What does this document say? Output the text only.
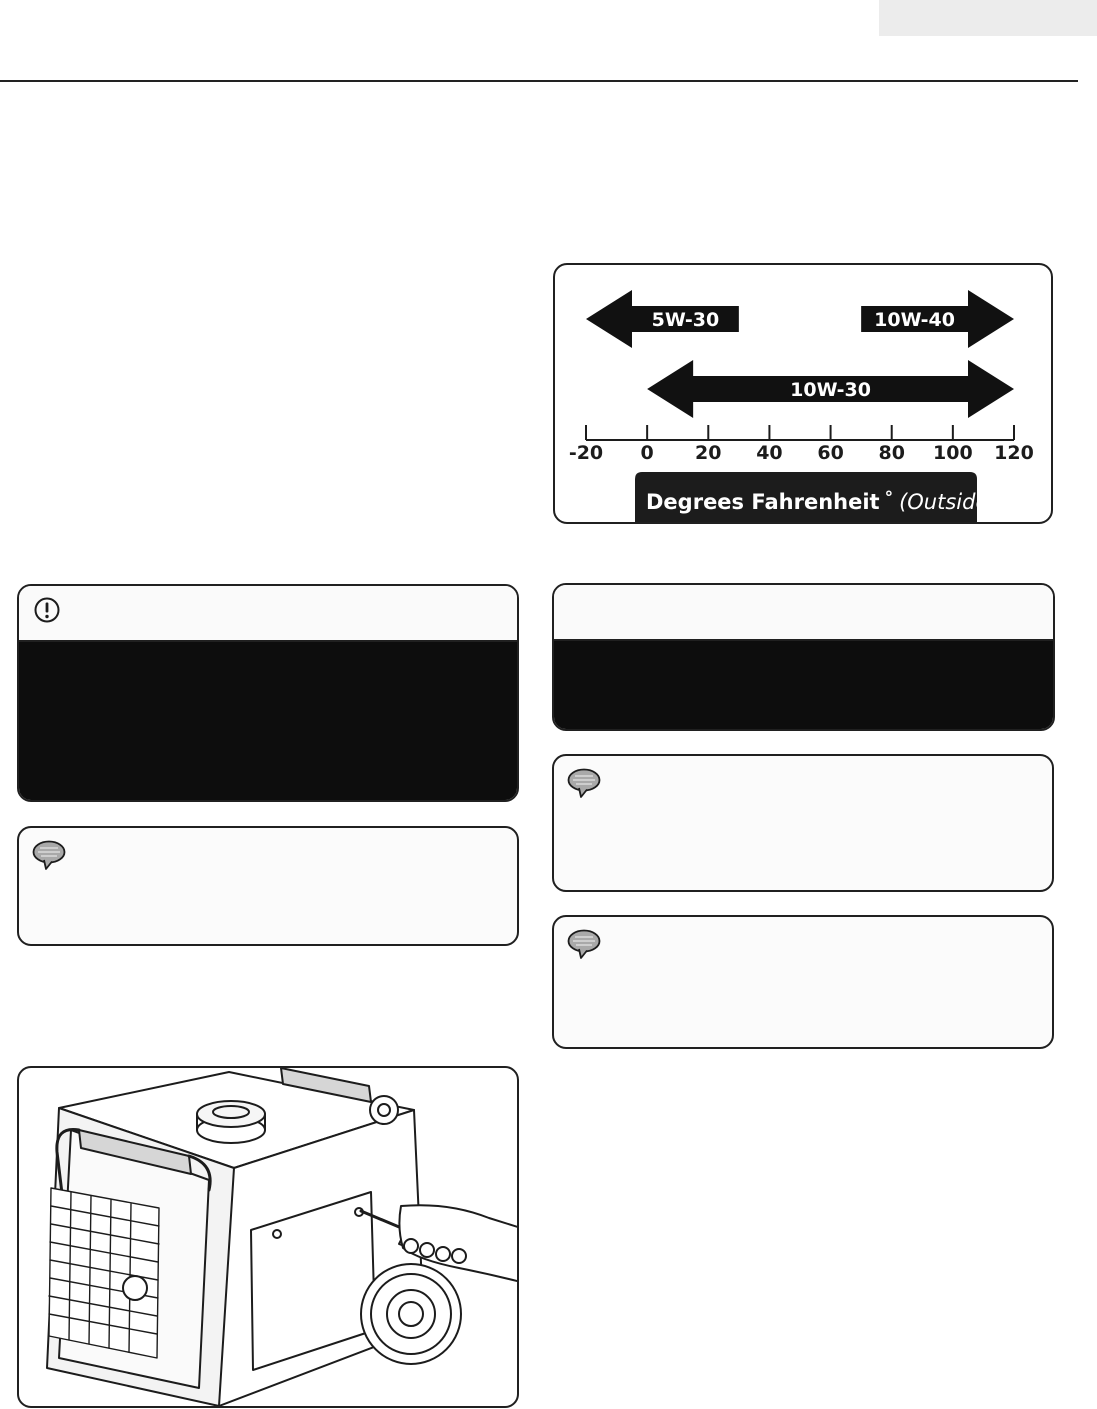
5W-30	10W-40
10W-30
-20 0 20 40 60 80 100 120
Degrees Fahrenheit ° (Outside)
